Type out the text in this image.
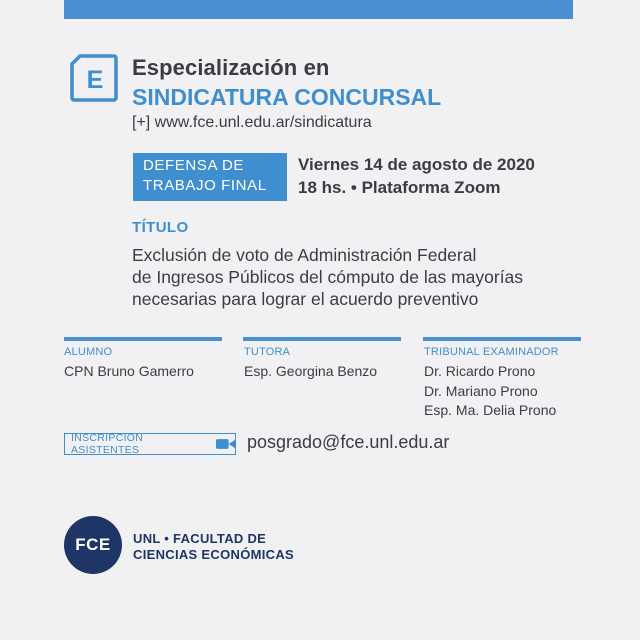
E Especialización en
SINDICATURA CONCURSAL
[+] www.fce.unl.edu.ar/sindicatura
DEFENSA DE
TRABAJO FINAL
Viernes 14 de agosto de 2020
18 hs. • Plataforma Zoom
TÍTULO
Exclusión de voto de Administración Federal
de Ingresos Públicos del cómputo de las mayorías
necesarias para lograr el acuerdo preventivo
ALUMNO
CPN Bruno Gamerro
TUTORA
Esp. Georgina Benzo
TRIBUNAL EXAMINADOR
Dr. Ricardo Prono
Dr. Mariano Prono
Esp. Ma. Delia Prono
INSCRIPCION ASISTENTES	posgrado@fce.unl.edu.ar
FCE UNL • FACULTAD DE
CIENCIAS ECONÓMICAS
